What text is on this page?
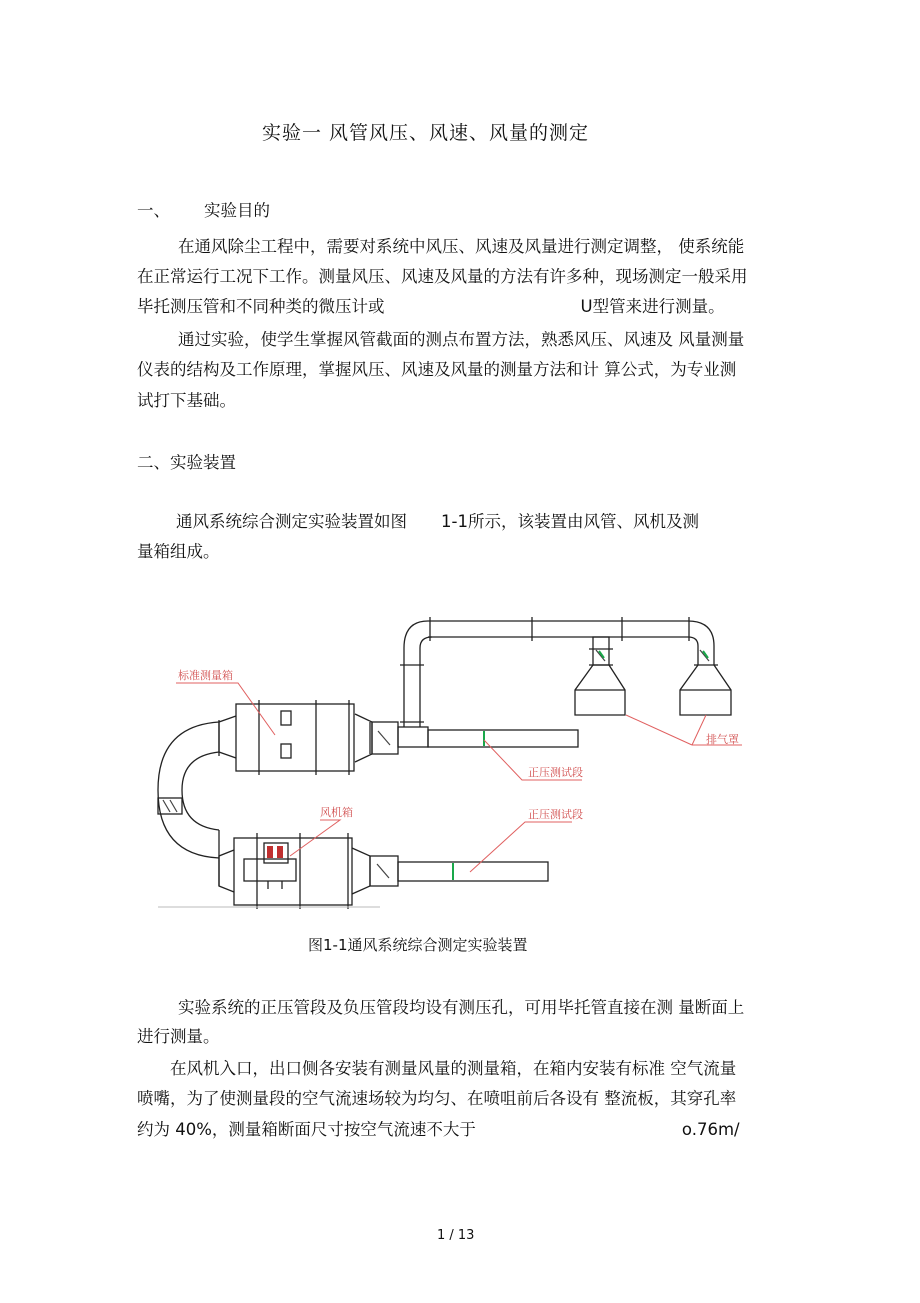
实验一 风管风压、风速、风量的测定
一、 实验目的
在通风除尘工程中，需要对系统中风压、风速及风量进行测定调整， 使系统能
在正常运行工况下工作。测量风压、风速及风量的方法有许多种，现场测定一般采用
毕托测压管和不同种类的微压计或	U型管来进行测量。
通过实验，使学生掌握风管截面的测点布置方法，熟悉风压、风速及 风量测量
仪表的结构及工作原理，掌握风压、风速及风量的测量方法和计 算公式，为专业测
试打下基础。
二、实验装置
通风系统综合测定实验装置如图 1-1所示，该装置由风管、风机及测
量箱组成。
标准测量箱
风机箱
正压测试段
正压测试段
排气罩
图1-1通风系统综合测定实验装置
实验系统的正压管段及负压管段均设有测压孔，可用毕托管直接在测 量断面上
进行测量。
在风机入口，出口侧各安装有测量风量的测量箱，在箱内安装有标准 空气流量
喷嘴，为了使测量段的空气流速场较为均匀、在喷咀前后各设有 整流板，其穿孔率
约为 40%，测量箱断面尺寸按空气流速不大于	o.76m/
1 / 13
